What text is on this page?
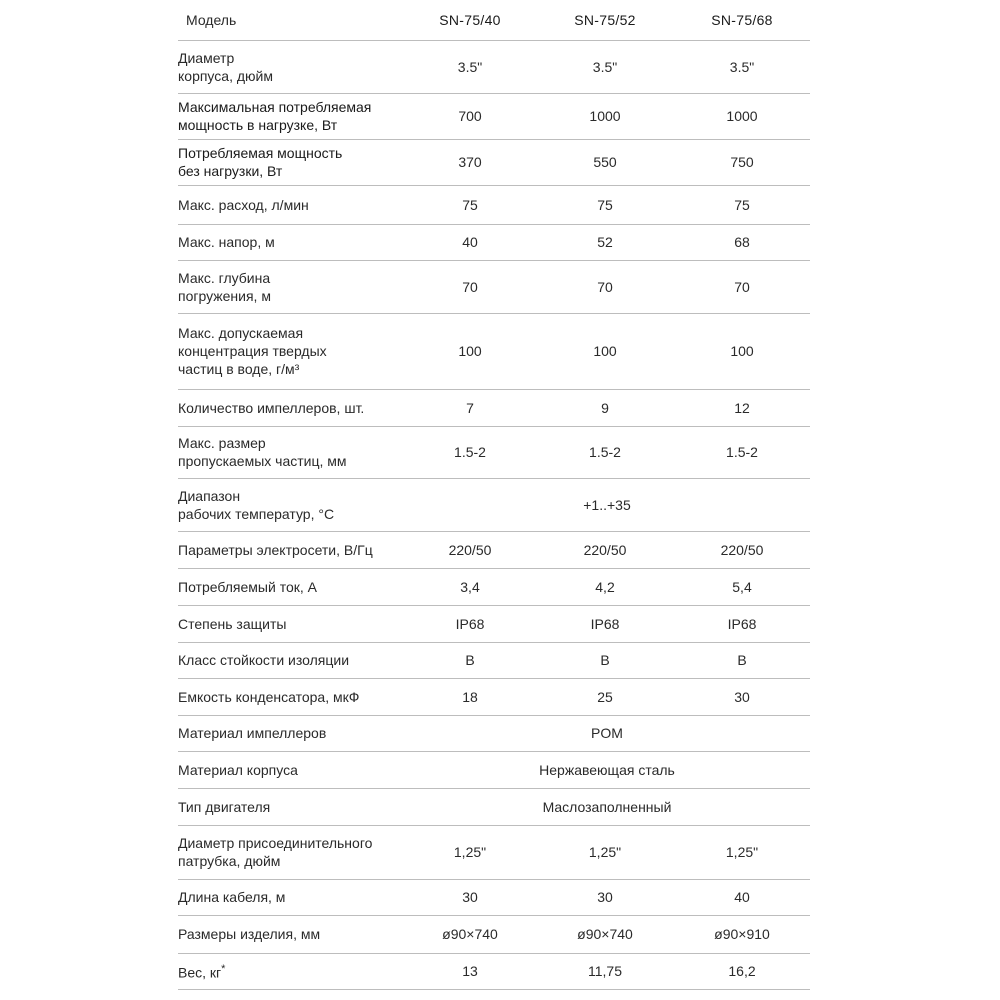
Модель	SN-75/40	SN-75/52	SN-75/68
Диаметр
корпуса, дюйм	3.5"	3.5"	3.5"
Максимальная потребляемая
мощность в нагрузке, Вт	700	1000	1000
Потребляемая мощность
без нагрузки, Вт	370	550	750
Макс. расход, л/мин	75	75	75
Макс. напор, м	40	52	68
Макс. глубина
погружения, м	70	70	70
Макс. допускаемая
концентрация твердых
частиц в воде, г/м³	100	100	100
Количество импеллеров, шт.	7	9	12
Макс. размер
пропускаемых частиц, мм	1.5-2	1.5-2	1.5-2
Диапазон
рабочих температур, °С	+1..+35		
Параметры электросети, В/Гц	220/50	220/50	220/50
Потребляемый ток, А	3,4	4,2	5,4
Степень защиты	IP68	IP68	IP68
Класс стойкости изоляции	B	B	B
Емкость конденсатора, мкФ	18	25	30
Материал импеллеров	POM		
Материал корпуса	Нержавеющая сталь		
Тип двигателя	Маслозаполненный		
Диаметр присоединительного
патрубка, дюйм	1,25"	1,25"	1,25"
Длина кабеля, м	30	30	40
Размеры изделия, мм	ø90×740	ø90×740	ø90×910
Вес, кг*	13	11,75	16,2
